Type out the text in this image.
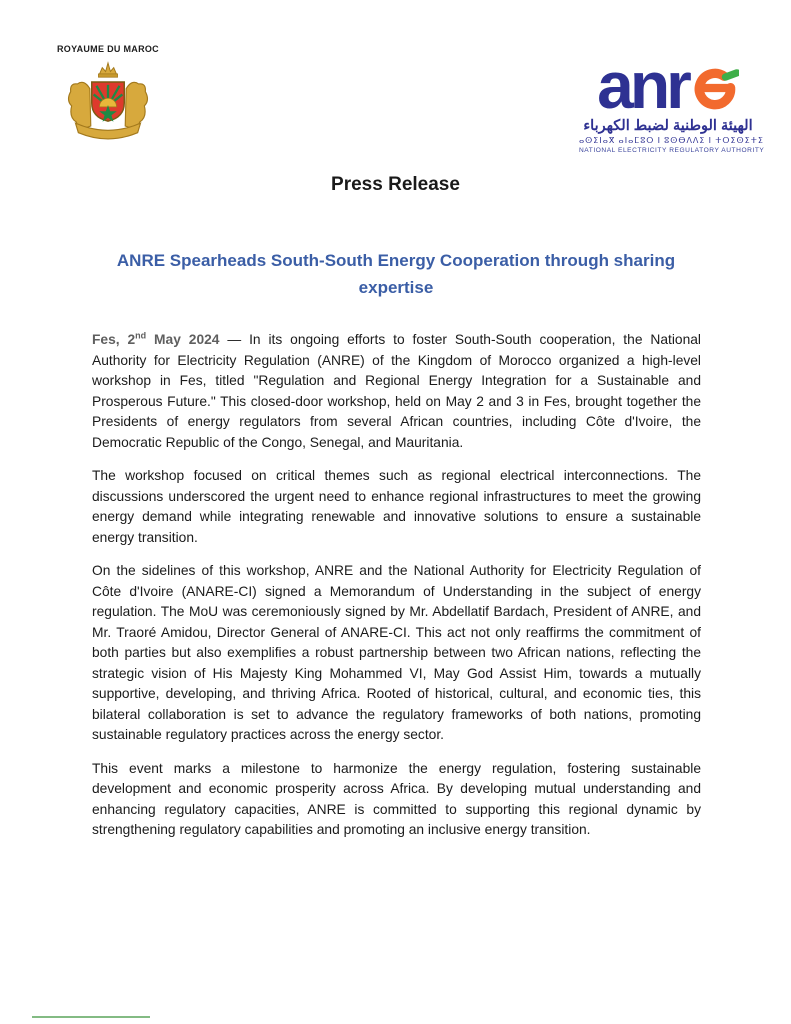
ROYAUME DU MAROC	anr
الهيئة الوطنية لضبط الكهرباء
ⴰⵙⵉⵏⴰⴳ ⴰⵏⴰⵎⵓⵔ ⵏ ⵓⵙⴱⴷⴷⵉ ⵏ ⵜⵔⵉⵙⵉⵜⵉ
NATIONAL ELECTRICITY REGULATORY AUTHORITY
Press Release
ANRE Spearheads South-South Energy Cooperation through sharing expertise

Fes, 2nd May 2024 — In its ongoing efforts to foster South-South cooperation, the National Authority for Electricity Regulation (ANRE) of the Kingdom of Morocco organized a high-level workshop in Fes, titled "Regulation and Regional Energy Integration for a Sustainable and Prosperous Future." This closed-door workshop, held on May 2 and 3 in Fes, brought together the Presidents of energy regulators from several African countries, including Côte d'Ivoire, the Democratic Republic of the Congo, Senegal, and Mauritania.

The workshop focused on critical themes such as regional electrical interconnections. The discussions underscored the urgent need to enhance regional infrastructures to meet the growing energy demand while integrating renewable and innovative solutions to ensure a sustainable energy transition.

On the sidelines of this workshop, ANRE and the National Authority for Electricity Regulation of Côte d'Ivoire (ANARE-CI) signed a Memorandum of Understanding in the subject of energy regulation. The MoU was ceremoniously signed by Mr. Abdellatif Bardach, President of ANRE, and Mr. Traoré Amidou, Director General of ANARE-CI. This act not only reaffirms the commitment of both parties but also exemplifies a robust partnership between two African nations, reflecting the strategic vision of His Majesty King Mohammed VI, May God Assist Him, towards a mutually supportive, developing, and thriving Africa. Rooted of historical, cultural, and economic ties, this bilateral collaboration is set to advance the regulatory frameworks of both nations, promoting sustainable regulatory practices across the energy sector.

This event marks a milestone to harmonize the energy regulation, fostering sustainable development and economic prosperity across Africa. By developing mutual understanding and enhancing regulatory capacities, ANRE is committed to supporting this regional dynamic by strengthening regulatory capabilities and promoting an inclusive energy transition.
